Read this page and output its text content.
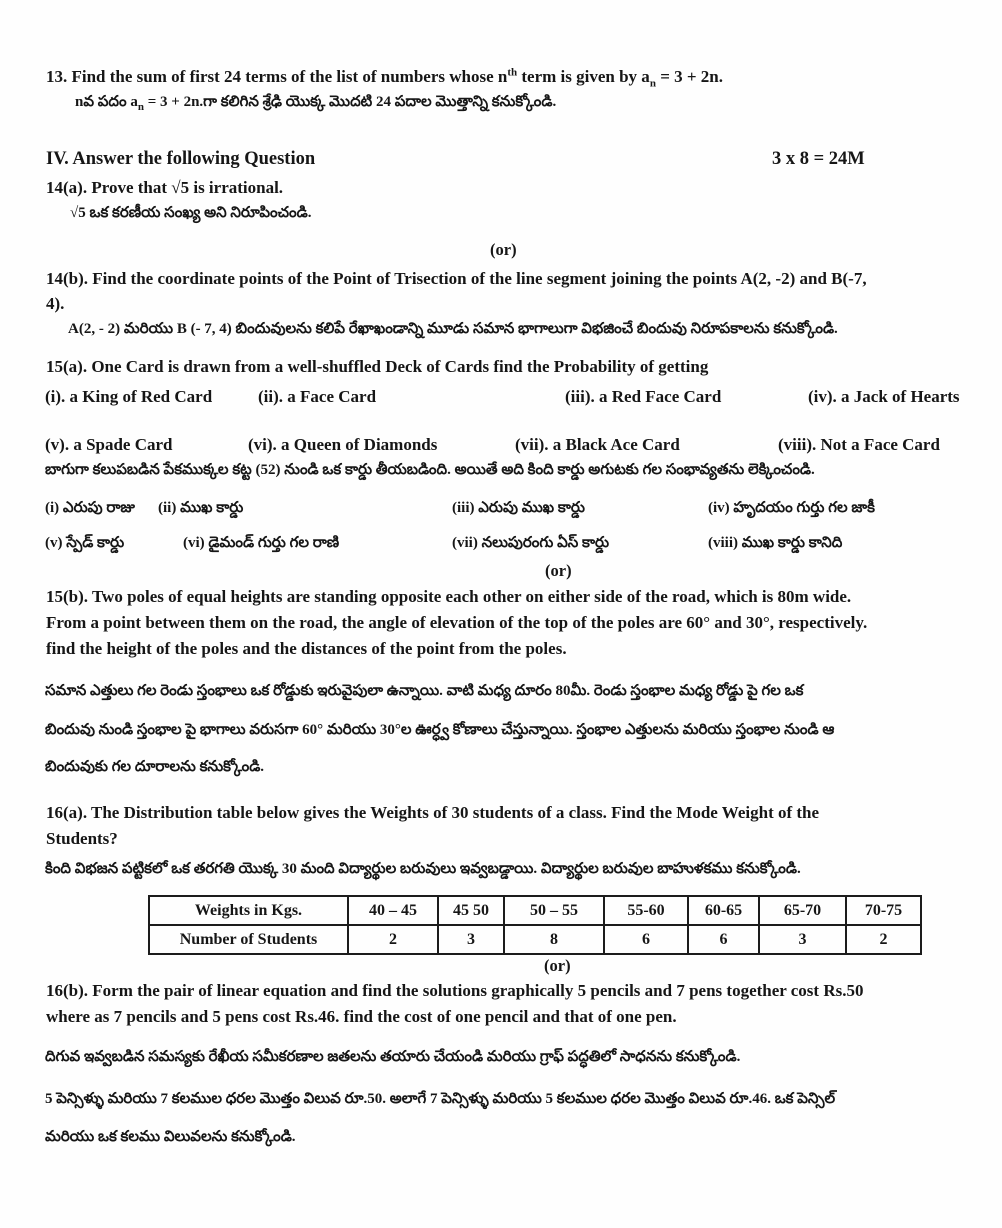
13. Find the sum of first 24 terms of the list of numbers whose $n^{th}$ term is given by $a_n = 3 + 2n$.
nవ పదం $a_n = 3$ + 2n.గా కలిగిన శ్రేఢి యొక్క మొదటి 24 పదాల మొత్తాన్ని కనుక్కోండి.
IV. Answer the following Question	3 x 8 = 24M
14(a). Prove that √5 is irrational.
√5 ఒక కరణీయ సంఖ్య అని నిరూపించండి.
(or)
14(b). Find the coordinate points of the Point of Trisection of the line segment joining the points A(2, -2) and B(-7,
4).
A(2, - 2) మరియు B (- 7, 4) బిందువులను కలిపే రేఖాఖండాన్ని మూడు సమాన భాగాలుగా విభజించే బిందువు నిరూపకాలను కనుక్కోండి.
15(a). One Card is drawn from a well-shuffled Deck of Cards find the Probability of getting
(i). a King of Red Card	(ii). a Face Card	(iii). a Red Face Card	(iv). a Jack of Hearts
(v). a Spade Card	(vi). a Queen of Diamonds	(vii). a Black Ace Card	(viii). Not a Face Card
బాగుగా కలుపబడిన పేకముక్కల కట్ట (52) నుండి ఒక కార్డు తీయబడింది. అయితే అది కింది కార్డు అగుటకు గల సంభావ్యతను లెక్కించండి.
(i) ఎరుపు రాజు (ii) ముఖ కార్డు	(iii) ఎరుపు ముఖ కార్డు	(iv) హృదయం గుర్తు గల జాకీ
(v) స్పేడ్ కార్డు	(vi) డైమండ్ గుర్తు గల రాణి	(vii) నలుపురంగు ఏస్ కార్డు	(viii) ముఖ కార్డు కానిది
(or)
15(b). Two poles of equal heights are standing opposite each other on either side of the road, which is 80m wide.
From a point between them on the road, the angle of elevation of the top of the poles are 60° and 30°, respectively.
find the height of the poles and the distances of the point from the poles.
సమాన ఎత్తులు గల రెండు స్తంభాలు ఒక రోడ్డుకు ఇరువైపులా ఉన్నాయి. వాటి మధ్య దూరం 80మీ. రెండు స్తంభాల మధ్య రోడ్డు పై గల ఒక
బిందువు నుండి స్తంభాల పై భాగాలు వరుసగా 60° మరియు 30°ల ఊర్ధ్వ కోణాలు చేస్తున్నాయి. స్తంభాల ఎత్తులను మరియు స్తంభాల నుండి ఆ
బిందువుకు గల దూరాలను కనుక్కోండి.
16(a). The Distribution table below gives the Weights of 30 students of a class. Find the Mode Weight of the
Students?
కింది విభజన పట్టికలో ఒక తరగతి యొక్క 30 మంది విద్యార్థుల బరువులు ఇవ్వబడ్డాయి. విద్యార్థుల బరువుల బాహుళకము కనుక్కోండి.
Weights in Kgs.	40 – 45	45 50	50 – 55	55-60	60-65	65-70	70-75
Number of Students	2	3	8	6	6	3	2
(or)
16(b). Form the pair of linear equation and find the solutions graphically 5 pencils and 7 pens together cost Rs.50
where as 7 pencils and 5 pens cost Rs.46. find the cost of one pencil and that of one pen.
దిగువ ఇవ్వబడిన సమస్యకు రేఖీయ సమీకరణాల జతలను తయారు చేయండి మరియు గ్రాఫ్ పద్ధతిలో సాధనను కనుక్కోండి.
5 పెన్సిళ్ళు మరియు 7 కలముల ధరల మొత్తం విలువ రూ.50. అలాగే 7 పెన్సిళ్ళు మరియు 5 కలముల ధరల మొత్తం విలువ రూ.46. ఒక పెన్సిల్
మరియు ఒక కలము విలువలను కనుక్కోండి.
